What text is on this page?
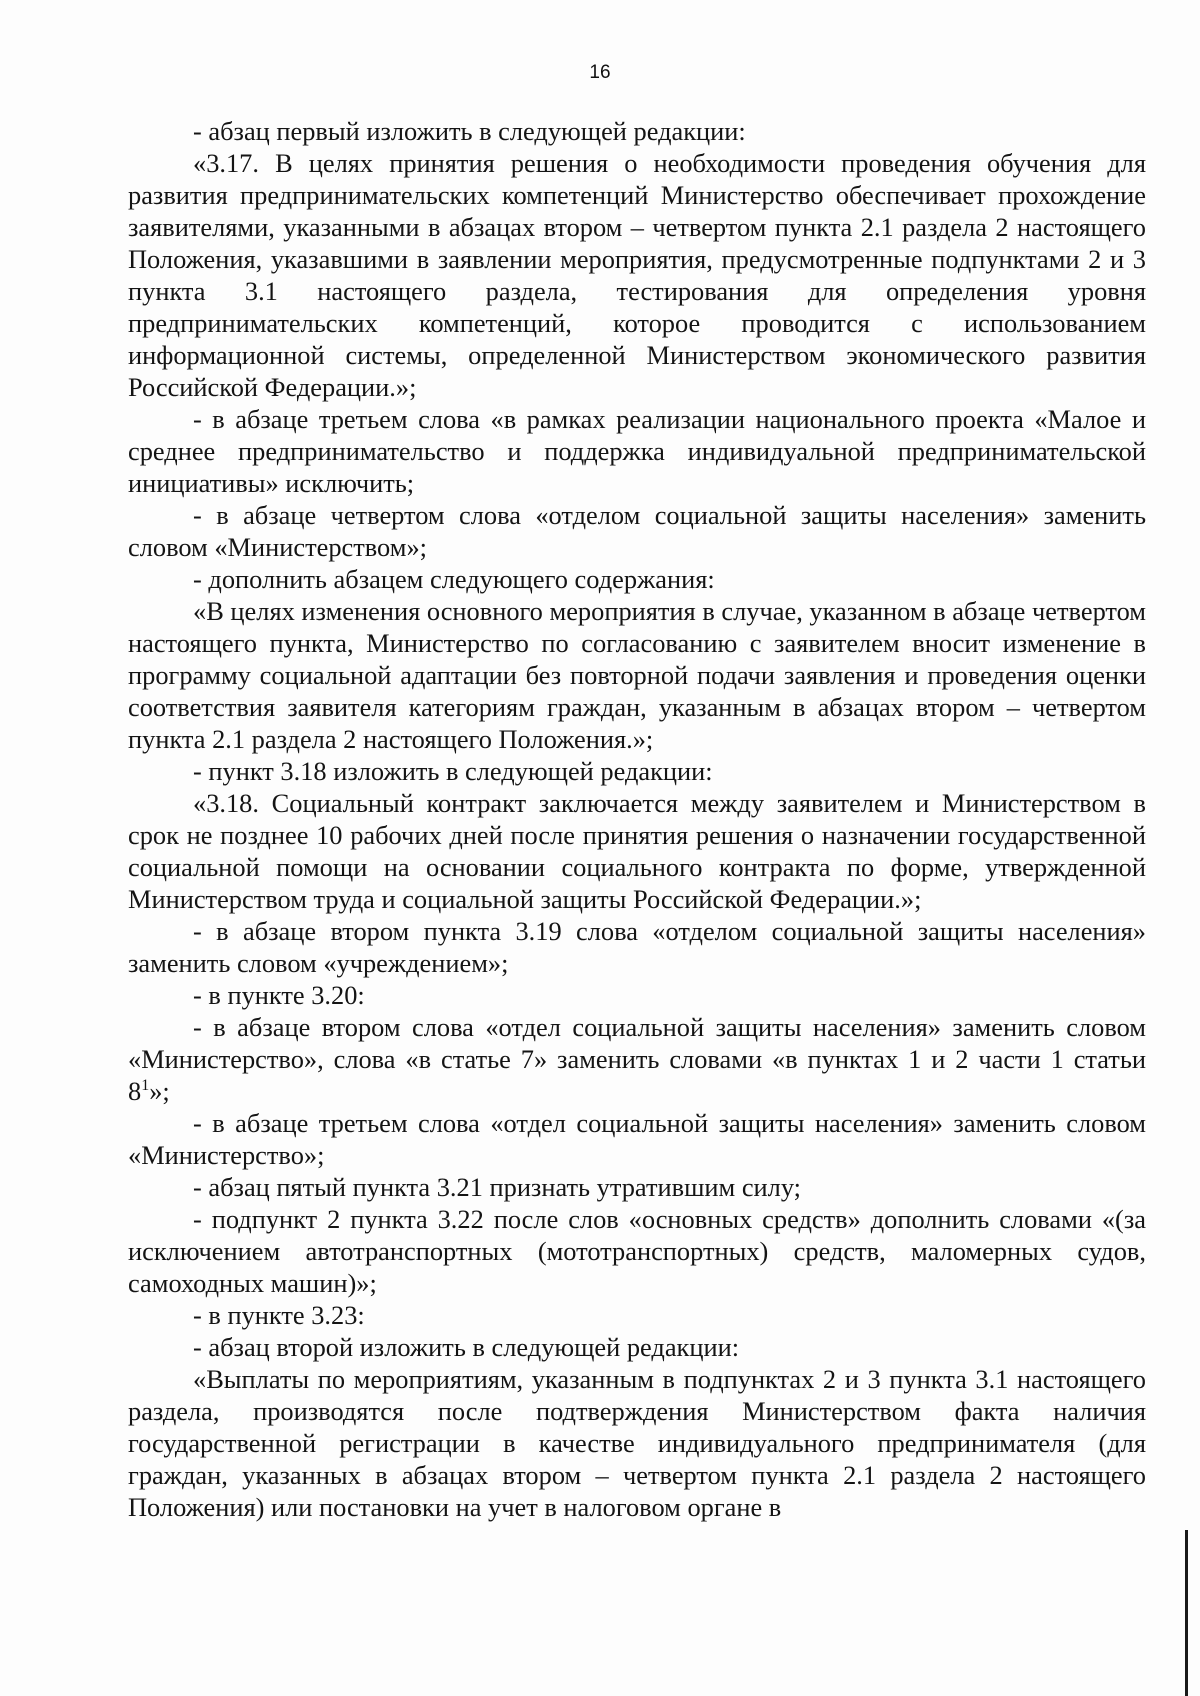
16

- абзац первый изложить в следующей редакции:

«3.17. В целях принятия решения о необходимости проведения обучения для развития предпринимательских компетенций Министерство обеспечивает прохождение заявителями, указанными в абзацах втором – четвертом пункта 2.1 раздела 2 настоящего Положения, указавшими в заявлении мероприятия, предусмотренные подпунктами 2 и 3 пункта 3.1 настоящего раздела, тестирования для определения уровня предпринимательских компетенций, которое проводится с использованием информационной системы, определенной Министерством экономического развития Российской Федерации.»;

- в абзаце третьем слова «в рамках реализации национального проекта «Малое и среднее предпринимательство и поддержка индивидуальной предпринимательской инициативы» исключить;

- в абзаце четвертом слова «отделом социальной защиты населения» заменить словом «Министерством»;

- дополнить абзацем следующего содержания:

«В целях изменения основного мероприятия в случае, указанном в абзаце четвертом настоящего пункта, Министерство по согласованию с заявителем вносит изменение в программу социальной адаптации без повторной подачи заявления и проведения оценки соответствия заявителя категориям граждан, указанным в абзацах втором – четвертом пункта 2.1 раздела 2 настоящего Положения.»;

- пункт 3.18 изложить в следующей редакции:

«3.18. Социальный контракт заключается между заявителем и Министерством в срок не позднее 10 рабочих дней после принятия решения о назначении государственной социальной помощи на основании социального контракта по форме, утвержденной Министерством труда и социальной защиты Российской Федерации.»;

- в абзаце втором пункта 3.19 слова «отделом социальной защиты населения» заменить словом «учреждением»;

- в пункте 3.20:

- в абзаце втором слова «отдел социальной защиты населения» заменить словом «Министерство», слова «в статье 7» заменить словами «в пунктах 1 и 2 части 1 статьи $8^1$»;

- в абзаце третьем слова «отдел социальной защиты населения» заменить словом «Министерство»;

- абзац пятый пункта 3.21 признать утратившим силу;

- подпункт 2 пункта 3.22 после слов «основных средств» дополнить словами «(за исключением автотранспортных (мототранспортных) средств, маломерных судов, самоходных машин)»;

- в пункте 3.23:

- абзац второй изложить в следующей редакции:

«Выплаты по мероприятиям, указанным в подпунктах 2 и 3 пункта 3.1 настоящего раздела, производятся после подтверждения Министерством факта наличия государственной регистрации в качестве индивидуального предпринимателя (для граждан, указанных в абзацах втором – четвертом пункта 2.1 раздела 2 настоящего Положения) или постановки на учет в налоговом органе в
